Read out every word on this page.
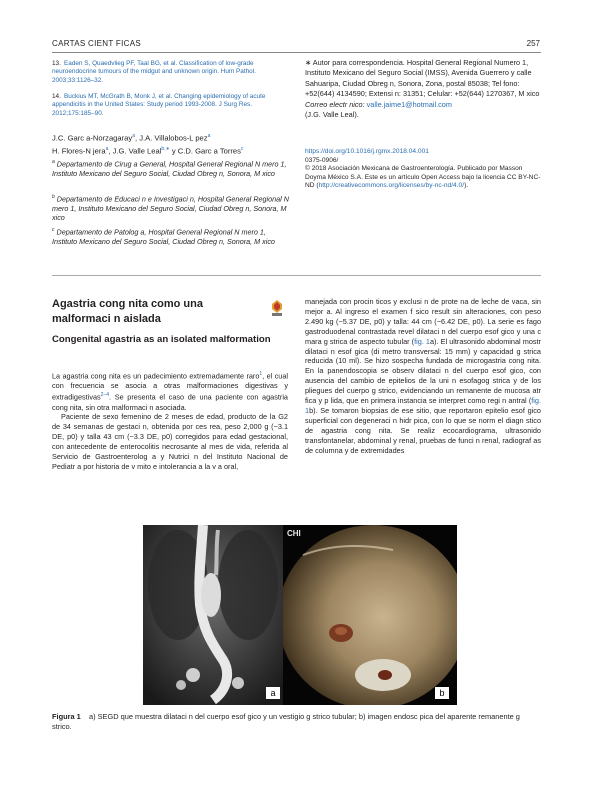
CARTAS CIENT FICAS	257
13. Eaden S, Quaedvlieg PF, Taal BG, et al. Classification of low-grade neuroendocrine tumours of the midgut and unknown origin. Hum Pathol. 2003;33:1126–32.
14. Buckius MT, McGrath B, Monk J, et al. Changing epidemiology of acute appendicitis in the United States: Study period 1993-2008. J Surg Res. 2012;175:185–90.
J.C. Garc a-Norzagaray$^a$, J.A. Villalobos-L pez$^a$
H. Flores-N jera$^a$, J.G. Valle Leal$^{b,∗}$ y C.D. Garc a Torres$^c$
$^a$ Departamento de Cirug a General, Hospital General Regional N mero 1, Instituto Mexicano del Seguro Social, Ciudad Obreg n, Sonora, M xico
$^b$ Departamento de Educaci n e Investigaci n, Hospital General Regional N mero 1, Instituto Mexicano del Seguro Social, Ciudad Obreg n, Sonora, M xico
$^c$ Departamento de Patolog a, Hospital General Regional N mero 1, Instituto Mexicano del Seguro Social, Ciudad Obreg n, Sonora, M xico
∗ Autor para correspondencia. Hospital General Regional Numero 1, Instituto Mexicano del Seguro Social (IMSS), Avenida Guerrero y calle Sahuaripa, Ciudad Obreg n, Sonora, Zona, postal 85038; Tel fono: +52(644) 4134590; Extensi n: 31351; Celular: +52(644) 1270367, M xico
Correo electr nico: valle.jaime1@hotmail.com
(J.G. Valle Leal).
https://doi.org/10.1016/j.rgmx.2018.04.001
0375-0906/
© 2018 Asociación Mexicana de Gastroenterología. Publicado por Masson Doyma México S.A. Este es un artículo Open Access bajo la licencia CC BY-NC-ND (http://creativecommons.org/licenses/by-nc-nd/4.0/).
Agastria cong nita como una malformaci n aislada
Congenital agastria as an isolated malformation
La agastria cong nita es un padecimiento extremadamente raro$^1$, el cual con frecuencia se asocia a otras malformaciones digestivas y extradigestivas$^{2-4}$. Se presenta el caso de una paciente con agastria cong nita, sin otra malformaci n asociada.
Paciente de sexo femenino de 2 meses de edad, producto de la G2 de 34 semanas de gestaci n, obtenida por ces rea, peso 2,000 g (−3.1 DE, p0) y talla 43 cm (−3.3 DE, p0) corregidos para edad gestacional, con antecedente de enterocolitis necrosante al mes de vida, referida al Servicio de Gastroenterolog a y Nutrici n del Instituto Nacional de Pediatr a por historia de v mito e intolerancia a la v a oral,
manejada con procin ticos y exclusi n de prote na de leche de vaca, sin mejor a. Al ingreso el examen f sico result sin alteraciones, con peso 2.490 kg (−5.37 DE, p0) y talla: 44 cm (−6.42 DE, p0). La serie es fago gastroduodenal contrastada revel dilataci n del cuerpo esof gico y una c mara g strica de aspecto tubular (fig. 1a). El ultrasonido abdominal mostr dilataci n esof gica (di metro transversal: 15 mm) y capacidad g strica reducida (10 ml). Se hizo sospecha fundada de microgastria cong nita. En la panendoscopia se observ dilataci n del cuerpo esof gico, con ausencia del cambio de epitelios de la uni n esofagog strica y de los pliegues del cuerpo g strico, evidenciando un remanente de mucosa atr fica y p lida, que en primera instancia se interpret como regi n antral (fig. 1b). Se tomaron biopsias de ese sitio, que reportaron epitelio esof gico superficial con degeneraci n hidr pica, con lo que se norm el diagn stico de agastria cong nita. Se realiz ecocardiograma, ultrasonido transfontanelar, abdominal y renal, pruebas de funci n renal, radiograf as de columna y de extremidades
a
CHI
b
Figura 1 a) SEGD que muestra dilataci n del cuerpo esof gico y un vestigio g strico tubular; b) imagen endosc pica del aparente remanente g strico.
